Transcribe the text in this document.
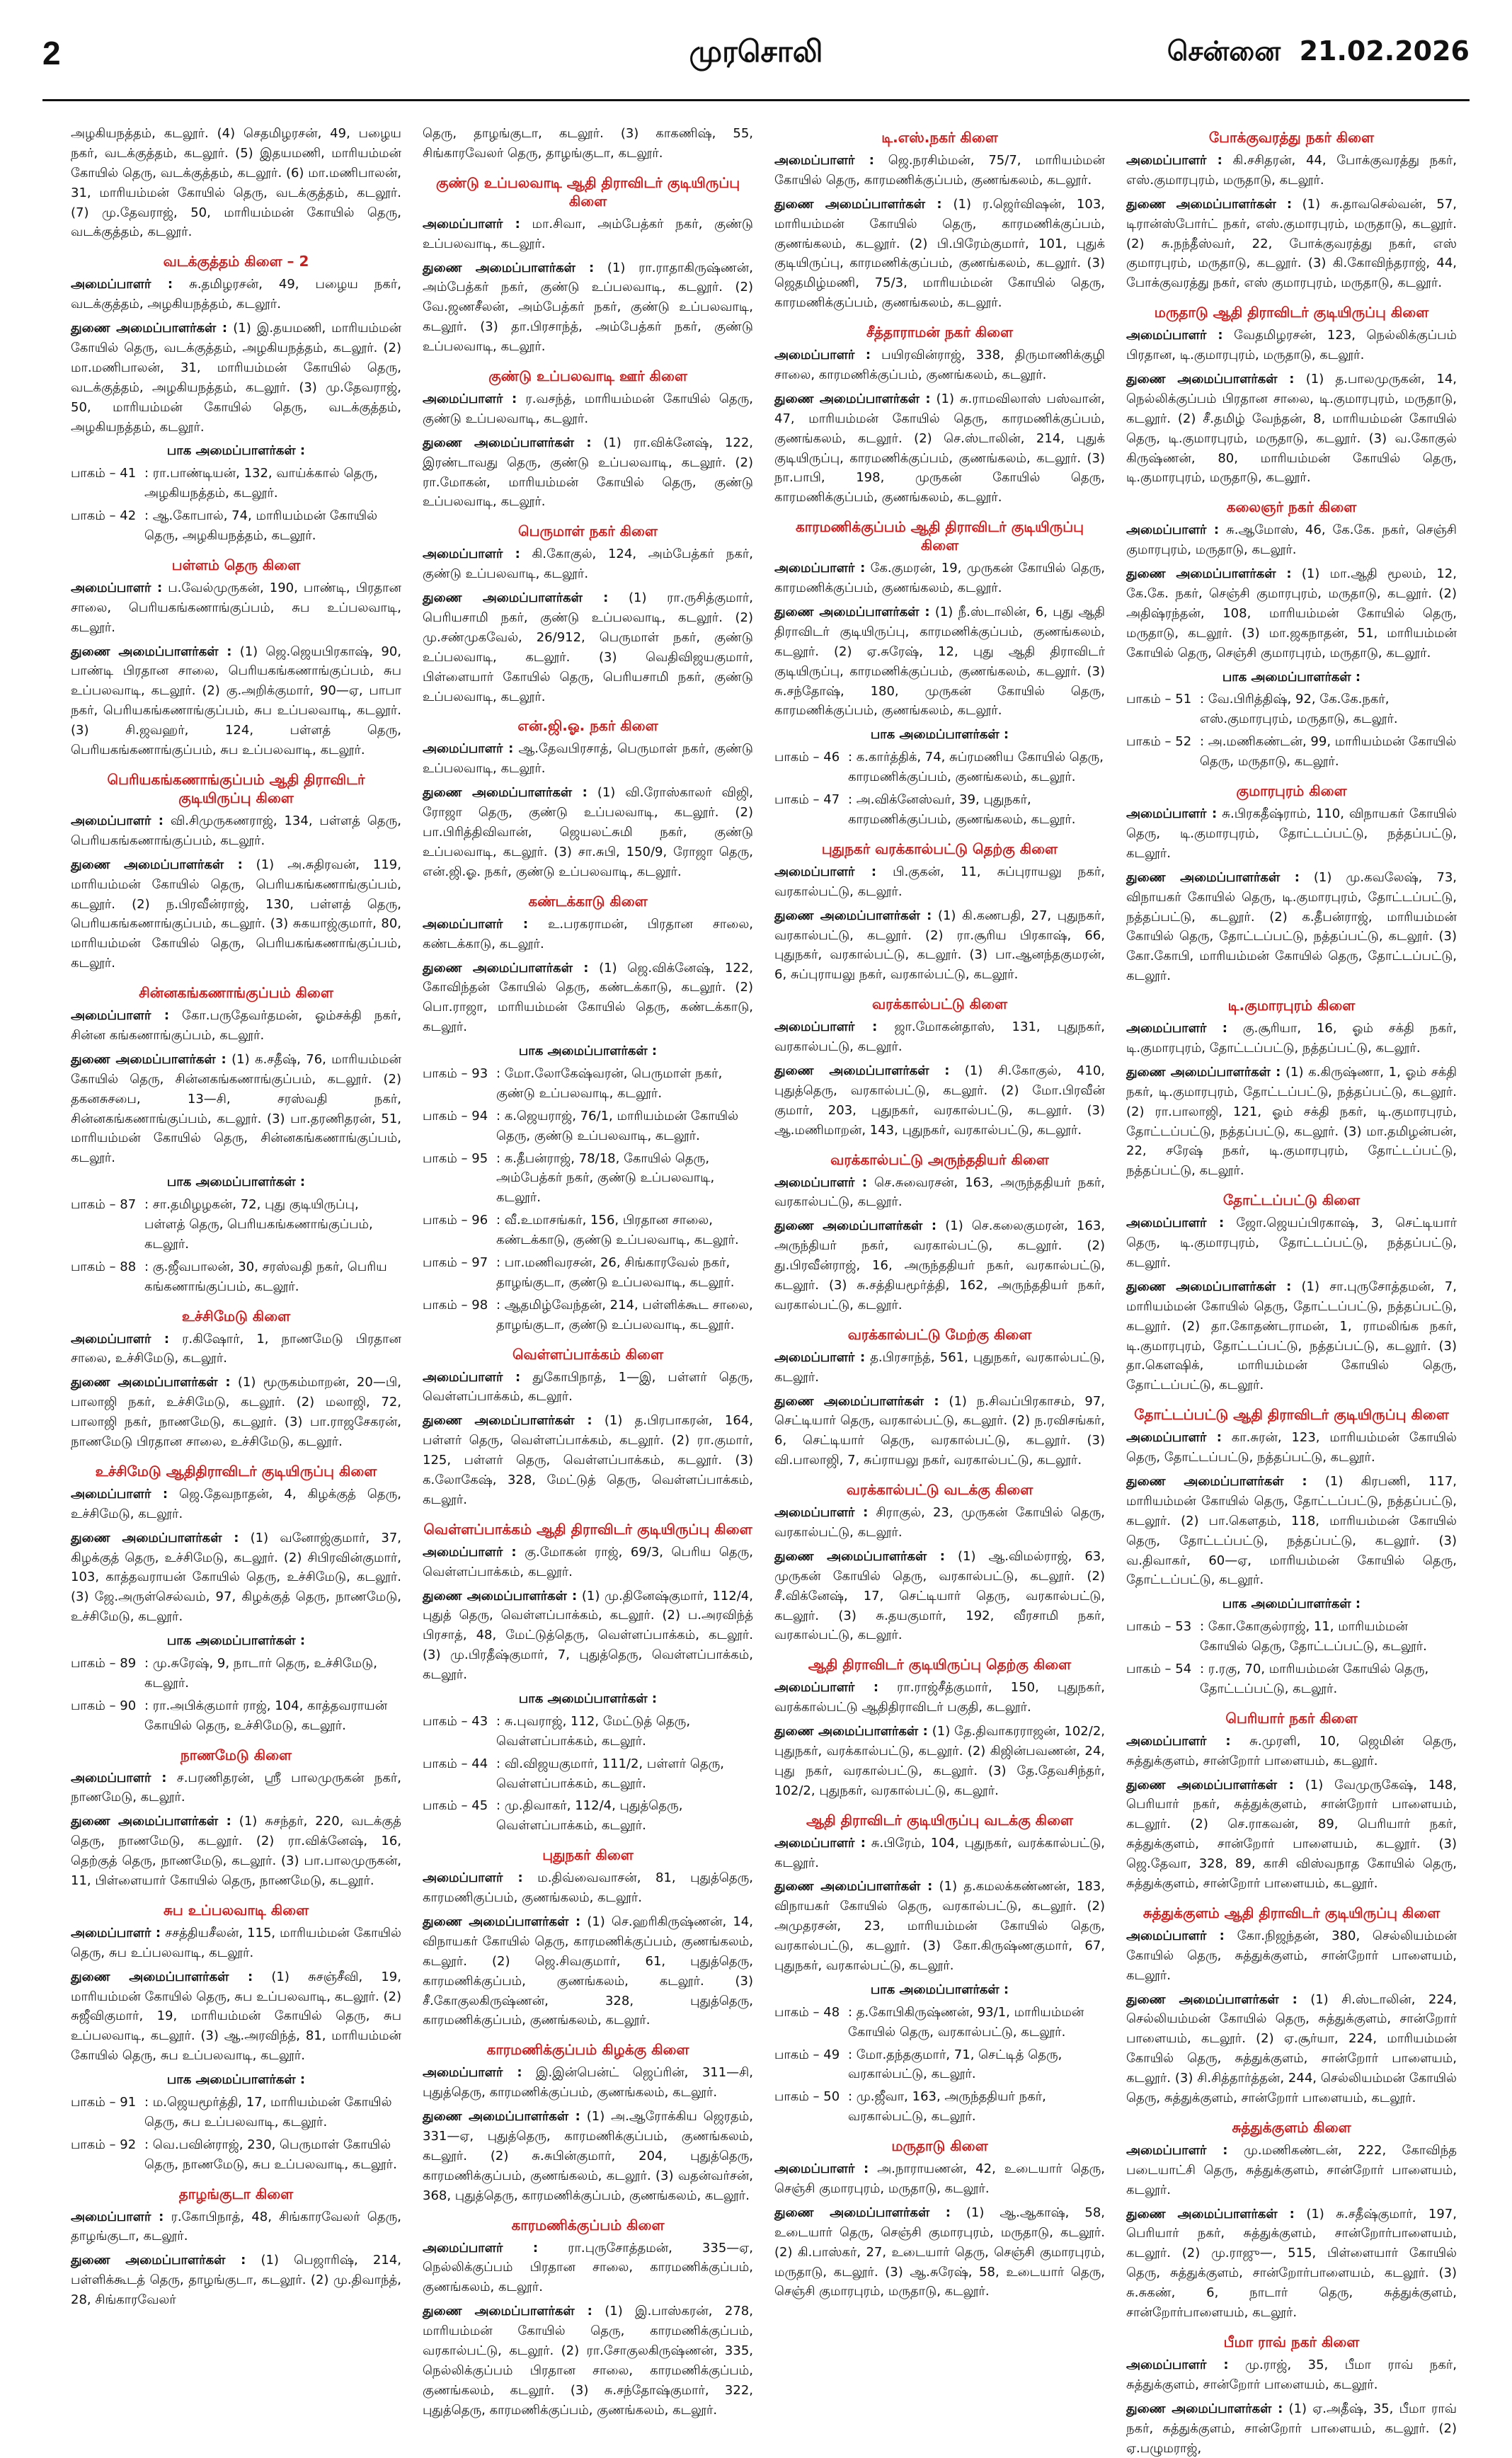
2	முரசொலி	சென்னை 21.02.2026

அழகியநத்தம், கடலூர். (4) செதமிழரசன், 49, பழைய நகர், வடக்குத்தம், கடலூர். (5) இதயமணி, மாரியம்மன் கோயில் தெரு, வடக்குத்தம், கடலூர். (6) மா.மணிபாலன், 31, மாரியம்மன் கோயில் தெரு, வடக்குத்தம், கடலூர். (7) மு.தேவராஜ், 50, மாரியம்மன் கோயில் தெரு, வடக்குத்தம், கடலூர்.

வடக்குத்தம் கிளை – 2

அமைப்பாளர் : சு.தமிழரசன், 49, பழைய நகர், வடக்குத்தம், அழகியநத்தம், கடலூர்.

துணை அமைப்பாளர்கள் : (1) இ.தயமணி, மாரியம்மன் கோயில் தெரு, வடக்குத்தம், அழகியநத்தம், கடலூர். (2) மா.மணிபாலன், 31, மாரியம்மன் கோயில் தெரு, வடக்குத்தம், அழகியநத்தம், கடலூர். (3) மு.தேவராஜ், 50, மாரியம்மன் கோயில் தெரு, வடக்குத்தம், அழகியநத்தம், கடலூர்.

பாக அமைப்பாளர்கள் :
பாகம் – 41 : ரா.பாண்டியன், 132, வாய்க்கால் தெரு, அழகியநத்தம், கடலூர்.
பாகம் – 42 : ஆ.கோபால், 74, மாரியம்மன் கோயில் தெரு, அழகியநத்தம், கடலூர்.
பள்ளம் தெரு கிளை

அமைப்பாளர் : ப.வேல்முருகன், 190, பாண்டி, பிரதான சாலை, பெரியகங்கணாங்குப்பம், சுப உப்பலவாடி, கடலூர்.

துணை அமைப்பாளர்கள் : (1) ஜெ.ஜெயபிரகாஷ், 90, பாண்டி பிரதான சாலை, பெரியகங்கணாங்குப்பம், சுப உப்பலவாடி, கடலூர். (2) கு.அறிக்குமார், 90—ஏ, பாபா நகர், பெரியகங்கணாங்குப்பம், சுப உப்பலவாடி, கடலூர். (3) சி.ஜவஹர், 124, பள்ளத் தெரு, பெரியகங்கணாங்குப்பம், சுப உப்பலவாடி, கடலூர்.

பெரியகங்கணாங்குப்பம் ஆதி திராவிடர் குடியிருப்பு கிளை

அமைப்பாளர் : வி.சிமுருகணராஜ், 134, பள்ளத் தெரு, பெரியகங்கணாங்குப்பம், கடலூர்.

துணை அமைப்பாளர்கள் : (1) அ.சுதிரவன், 119, மாரியம்மன் கோயில் தெரு, பெரியகங்கணாங்குப்பம், கடலூர். (2) ந.பிரவீன்ராஜ், 130, பள்ளத் தெரு, பெரியகங்கணாங்குப்பம், கடலூர். (3) சுகயாஜ்குமார், 80, மாரியம்மன் கோயில் தெரு, பெரியகங்கணாங்குப்பம், கடலூர்.

சின்னகங்கணாங்குப்பம் கிளை

அமைப்பாளர் : கோ.பருதேவர்தமன், ஓம்சக்தி நகர், சின்ன கங்கணாங்குப்பம், கடலூர்.

துணை அமைப்பாளர்கள் : (1) க.சதீஷ், 76, மாரியம்மன் கோயில் தெரு, சின்னகங்கணாங்குப்பம், கடலூர். (2) தகனசுசபை, 13—சி, சரஸ்வதி நகர், சின்னகங்கணாங்குப்பம், கடலூர். (3) பா.தரணிதரன், 51, மாரியம்மன் கோயில் தெரு, சின்னகங்கணாங்குப்பம், கடலூர்.

பாக அமைப்பாளர்கள் :
பாகம் – 87 : சா.தமிழழகன், 72, புது குடியிருப்பு, பள்ளத் தெரு, பெரியகங்கணாங்குப்பம், கடலூர்.
பாகம் – 88 : கு.ஜீவபாலன், 30, சரஸ்வதி நகர், பெரிய கங்கணாங்குப்பம், கடலூர்.
உச்சிமேடு கிளை

அமைப்பாளர் : ர.கிஷோர், 1, நாணமேடு பிரதான சாலை, உச்சிமேடு, கடலூர்.

துணை அமைப்பாளர்கள் : (1) மூருகம்மாறன், 20—பி, பாலாஜி நகர், உச்சிமேடு, கடலூர். (2) மலாஜி, 72, பாலாஜி நகர், நாணமேடு, கடலூர். (3) பா.ராஜசேகரன், நாணமேடு பிரதான சாலை, உச்சிமேடு, கடலூர்.

உச்சிமேடு ஆதிதிராவிடர் குடியிருப்பு கிளை

அமைப்பாளர் : ஜெ.தேவநாதன், 4, கிழக்குத் தெரு, உச்சிமேடு, கடலூர்.

துணை அமைப்பாளர்கள் : (1) வனோஜ்குமார், 37, கிழக்குத் தெரு, உச்சிமேடு, கடலூர். (2) சிபிரவின்குமார், 103, காத்தவராயன் கோயில் தெரு, உச்சிமேடு, கடலூர். (3) ஜே.அருள்செல்வம், 97, கிழக்குத் தெரு, நாணமேடு, உச்சிமேடு, கடலூர்.

பாக அமைப்பாளர்கள் :
பாகம் – 89 : மு.சுரேஷ், 9, நாடார் தெரு, உச்சிமேடு, கடலூர்.
பாகம் – 90 : ரா.அபிக்குமார் ராஜ், 104, காத்தவராயன் கோயில் தெரு, உச்சிமேடு, கடலூர்.
நாணமேடு கிளை

அமைப்பாளர் : ச.பரணிதரன், ஸ்ரீ பாலமுருகன் நகர், நாணமேடு, கடலூர்.

துணை அமைப்பாளர்கள் : (1) சுசந்தர், 220, வடக்குத் தெரு, நாணமேடு, கடலூர். (2) ரா.விக்னேஷ், 16, தெற்குத் தெரு, நாணமேடு, கடலூர். (3) பா.பாலமுருகன், 11, பிள்ளையார் கோயில் தெரு, நாணமேடு, கடலூர்.

சுப உப்பலவாடி கிளை

அமைப்பாளர் : சசத்தியசீலன், 115, மாரியம்மன் கோயில் தெரு, சுப உப்பலவாடி, கடலூர்.

துணை அமைப்பாளர்கள் : (1) சுசஞ்சீவி, 19, மாரியம்மன் கோயில் தெரு, சுப உப்பலவாடி, கடலூர். (2) சுஜீவிகுமார், 19, மாரியம்மன் கோயில் தெரு, சுப உப்பலவாடி, கடலூர். (3) ஆ.அரவிந்த், 81, மாரியம்மன் கோயில் தெரு, சுப உப்பலவாடி, கடலூர்.

பாக அமைப்பாளர்கள் :
பாகம் – 91 : ம.ஜெயமூர்த்தி, 17, மாரியம்மன் கோயில் தெரு, சுப உப்பலவாடி, கடலூர்.
பாகம் – 92 : வெ.பவின்ராஜ், 230, பெருமாள் கோயில் தெரு, நாணமேடு, சுப உப்பலவாடி, கடலூர்.
தாழங்குடா கிளை

அமைப்பாளர் : ர.கோபிநாத், 48, சிங்காரவேலர் தெரு, தாழங்குடா, கடலூர்.

துணை அமைப்பாளர்கள் : (1) பெஜாரிஷ், 214, பள்ளிக்கூடத் தெரு, தாழங்குடா, கடலூர். (2) மு.திவாந்த், 28, சிங்காரவேலர்

தெரு, தாழங்குடா, கடலூர். (3) காகணிஷ், 55, சிங்காரவேலர் தெரு, தாழங்குடா, கடலூர்.

குண்டு உப்பலவாடி ஆதி திராவிடர் குடியிருப்பு கிளை

அமைப்பாளர் : மா.சிவா, அம்பேத்கர் நகர், குண்டு உப்பலவாடி, கடலூர்.

துணை அமைப்பாளர்கள் : (1) ரா.ராதாகிருஷ்ணன், அம்பேத்கர் நகர், குண்டு உப்பலவாடி, கடலூர். (2) வே.ஜணசீலன், அம்பேத்கர் நகர், குண்டு உப்பலவாடி, கடலூர். (3) தா.பிரசாந்த், அம்பேத்கர் நகர், குண்டு உப்பலவாடி, கடலூர்.

குண்டு உப்பலவாடி ஊர் கிளை

அமைப்பாளர் : ர.வசந்த், மாரியம்மன் கோயில் தெரு, குண்டு உப்பலவாடி, கடலூர்.

துணை அமைப்பாளர்கள் : (1) ரா.விக்னேஷ், 122, இரண்டாவது தெரு, குண்டு உப்பலவாடி, கடலூர். (2) ரா.மோகன், மாரியம்மன் கோயில் தெரு, குண்டு உப்பலவாடி, கடலூர்.

பெருமாள் நகர் கிளை

அமைப்பாளர் : கி.கோகுல், 124, அம்பேத்கர் நகர், குண்டு உப்பலவாடி, கடலூர்.

துணை அமைப்பாளர்கள் : (1) ரா.ருசித்குமார், பெரியசாமி நகர், குண்டு உப்பலவாடி, கடலூர். (2) மு.சண்முகவேல், 26/912, பெருமாள் நகர், குண்டு உப்பலவாடி, கடலூர். (3) வெதிவிஜயகுமார், பிள்ளையார் கோயில் தெரு, பெரியசாமி நகர், குண்டு உப்பலவாடி, கடலூர்.

என்.ஜி.ஓ. நகர் கிளை

அமைப்பாளர் : ஆ.தேவபிரசாத், பெருமாள் நகர், குண்டு உப்பலவாடி, கடலூர்.

துணை அமைப்பாளர்கள் : (1) வி.ரோஸ்காலர் விஜி, ரோஜா தெரு, குண்டு உப்பலவாடி, கடலூர். (2) பா.பிரித்திவிவான், ஜெயலட்சுமி நகர், குண்டு உப்பலவாடி, கடலூர். (3) சா.சுபி, 150/9, ரோஜா தெரு, என்.ஜி.ஓ. நகர், குண்டு உப்பலவாடி, கடலூர்.

கண்டக்காடு கிளை

அமைப்பாளர் : உ.பரகராமன், பிரதான சாலை, கண்டக்காடு, கடலூர்.

துணை அமைப்பாளர்கள் : (1) ஜெ.விக்னேஷ், 122, கோவிந்தன் கோயில் தெரு, கண்டக்காடு, கடலூர். (2) பொ.ராஜா, மாரியம்மன் கோயில் தெரு, கண்டக்காடு, கடலூர்.

பாக அமைப்பாளர்கள் :
பாகம் – 93 : மோ.லோகேஷ்வரன், பெருமாள் நகர், குண்டு உப்பலவாடி, கடலூர்.
பாகம் – 94 : க.ஜெயராஜ், 76/1, மாரியம்மன் கோயில் தெரு, குண்டு உப்பலவாடி, கடலூர்.
பாகம் – 95 : க.தீபன்ராஜ், 78/18, கோயில் தெரு, அம்பேத்கர் நகர், குண்டு உப்பலவாடி, கடலூர்.
பாகம் – 96 : வீ.உமாசங்கர், 156, பிரதான சாலை, கண்டக்காடு, குண்டு உப்பலவாடி, கடலூர்.
பாகம் – 97 : பா.மணிவரசன், 26, சிங்காரவேல் நகர், தாழங்குடா, குண்டு உப்பலவாடி, கடலூர்.
பாகம் – 98 : ஆதமிழ்வேந்தன், 214, பள்ளிக்கூட சாலை, தாழங்குடா, குண்டு உப்பலவாடி, கடலூர்.
வெள்ளப்பாக்கம் கிளை

அமைப்பாளர் : துகோபிநாத், 1—இ, பள்ளர் தெரு, வெள்ளப்பாக்கம், கடலூர்.

துணை அமைப்பாளர்கள் : (1) த.பிரபாகரன், 164, பள்ளர் தெரு, வெள்ளப்பாக்கம், கடலூர். (2) ரா.குமார், 125, பள்ளர் தெரு, வெள்ளப்பாக்கம், கடலூர். (3) க.லோகேஷ், 328, மேட்டுத் தெரு, வெள்ளப்பாக்கம், கடலூர்.

வெள்ளப்பாக்கம் ஆதி திராவிடர் குடியிருப்பு கிளை

அமைப்பாளர் : கு.மோகன் ராஜ், 69/3, பெரிய தெரு, வெள்ளப்பாக்கம், கடலூர்.

துணை அமைப்பாளர்கள் : (1) மு.தினேஷ்குமார், 112/4, புதுத் தெரு, வெள்ளப்பாக்கம், கடலூர். (2) ப.அரவிந்த் பிரசாத், 48, மேட்டுத்தெரு, வெள்ளப்பாக்கம், கடலூர். (3) மு.பிரதீஷ்குமார், 7, புதுத்தெரு, வெள்ளப்பாக்கம், கடலூர்.

பாக அமைப்பாளர்கள் :
பாகம் – 43 : சு.புவராஜ், 112, மேட்டுத் தெரு, வெள்ளப்பாக்கம், கடலூர்.
பாகம் – 44 : வி.விஜயகுமார், 111/2, பள்ளர் தெரு, வெள்ளப்பாக்கம், கடலூர்.
பாகம் – 45 : மு.திவாகர், 112/4, புதுத்தெரு, வெள்ளப்பாக்கம், கடலூர்.
புதுநகர் கிளை

அமைப்பாளர் : ம.திவ்வைவாசன், 81, புதுத்தெரு, காரமணிகுப்பம், குணங்கலம், கடலூர்.

துணை அமைப்பாளர்கள் : (1) செ.ஹரிகிருஷ்ணன், 14, விநாயகர் கோயில் தெரு, காரமணிக்குப்பம், குணங்கலம், கடலூர். (2) ஜெ.சிவகுமார், 61, புதுத்தெரு, காரமணிக்குப்பம், குணங்கலம், கடலூர். (3) சீ.கோகுலகிருஷ்ணன், 328, புதுத்தெரு, காரமணிக்குப்பம், குணங்கலம், கடலூர்.

காரமணிக்குப்பம் கிழக்கு கிளை

அமைப்பாளர் : இ.இன்பென்ட் ஜெப்ரின், 311—சி, புதுத்தெரு, காரமணிக்குப்பம், குணங்கலம், கடலூர்.

துணை அமைப்பாளர்கள் : (1) அ.ஆரோக்கிய ஜெரதம், 331—ஏ, புதுத்தெரு, காரமணிக்குப்பம், குணங்கலம், கடலூர். (2) சு.சுபின்குமார், 204, புதுத்தெரு, காரமணிக்குப்பம், குணங்கலம், கடலூர். (3) வதன்வர்சன், 368, புதுத்தெரு, காரமணிக்குப்பம், குணங்கலம், கடலூர்.

காரமணிக்குப்பம் கிளை

அமைப்பாளர் : ரா.புருசோத்தமன், 335—ஏ, நெல்லிக்குப்பம் பிரதான சாலை, காரமணிக்குப்பம், குணங்கலம், கடலூர்.

துணை அமைப்பாளர்கள் : (1) இ.பாஸ்கரன், 278, மாரியம்மன் கோயில் தெரு, காரமணிக்குப்பம், வரகால்பட்டு, கடலூர். (2) ரா.சோகுலகிருஷ்ணன், 335, நெல்லிக்குப்பம் பிரதான சாலை, காரமணிக்குப்பம், குணங்கலம், கடலூர். (3) சு.சந்தோஷ்குமார், 322, புதுத்தெரு, காரமணிக்குப்பம், குணங்கலம், கடலூர்.

டி.எஸ்.நகர் கிளை

அமைப்பாளர் : ஜெ.நரசிம்மன், 75/7, மாரியம்மன் கோயில் தெரு, காரமணிக்குப்பம், குணங்கலம், கடலூர்.

துணை அமைப்பாளர்கள் : (1) ர.ஜெர்விஷன், 103, மாரியம்மன் கோயில் தெரு, காரமணிக்குப்பம், குணங்கலம், கடலூர். (2) பி.பிரேம்குமார், 101, புதுக் குடியிருப்பு, காரமணிக்குப்பம், குணங்கலம், கடலூர். (3) ஜெதமிழ்மணி, 75/3, மாரியம்மன் கோயில் தெரு, காரமணிக்குப்பம், குணங்கலம், கடலூர்.

சீத்தாராமன் நகர் கிளை

அமைப்பாளர் : பயிரவின்ராஜ், 338, திருமாணிக்குழி சாலை, காரமணிக்குப்பம், குணங்கலம், கடலூர்.

துணை அமைப்பாளர்கள் : (1) சு.ராமவிலாஸ் பஸ்வான், 47, மாரியம்மன் கோயில் தெரு, காரமணிக்குப்பம், குணங்கலம், கடலூர். (2) செ.ஸ்டாலின், 214, புதுக் குடியிருப்பு, காரமணிக்குப்பம், குணங்கலம், கடலூர். (3) நா.பாபி, 198, முருகன் கோயில் தெரு, காரமணிக்குப்பம், குணங்கலம், கடலூர்.

காரமணிக்குப்பம் ஆதி திராவிடர் குடியிருப்பு கிளை

அமைப்பாளர் : கே.குமரன், 19, முருகன் கோயில் தெரு, காரமணிக்குப்பம், குணங்கலம், கடலூர்.

துணை அமைப்பாளர்கள் : (1) நீ.ஸ்டாலின், 6, புது ஆதி திராவிடர் குடியிருப்பு, காரமணிக்குப்பம், குணங்கலம், கடலூர். (2) ஏ.சுரேஷ், 12, புது ஆதி திராவிடர் குடியிருப்பு, காரமணிக்குப்பம், குணங்கலம், கடலூர். (3) சு.சந்தோஷ், 180, முருகன் கோயில் தெரு, காரமணிக்குப்பம், குணங்கலம், கடலூர்.

பாக அமைப்பாளர்கள் :
பாகம் – 46 : க.கார்த்திக், 74, சுப்ரமணிய கோயில் தெரு, காரமணிக்குப்பம், குணங்கலம், கடலூர்.
பாகம் – 47 : அ.விக்னேஸ்வர், 39, புதுநகர், காரமணிக்குப்பம், குணங்கலம், கடலூர்.
புதுநகர் வரக்கால்பட்டு தெற்கு கிளை

அமைப்பாளர் : பி.குகன், 11, சுப்புராயலு நகர், வரகால்பட்டு, கடலூர்.

துணை அமைப்பாளர்கள் : (1) கி.கணபதி, 27, புதுநகர், வரகால்பட்டு, கடலூர். (2) ரா.சூரிய பிரகாஷ், 66, புதுநகர், வரகால்பட்டு, கடலூர். (3) பா.ஆனந்தகுமரன், 6, சுப்புராயலு நகர், வரகால்பட்டு, கடலூர்.

வரக்கால்பட்டு கிளை

அமைப்பாளர் : ஜா.மோகன்தாஸ், 131, புதுநகர், வரகால்பட்டு, கடலூர்.

துணை அமைப்பாளர்கள் : (1) சி.கோகுல், 410, புதுத்தெரு, வரகால்பட்டு, கடலூர். (2) மோ.பிரவீன் குமார், 203, புதுநகர், வரகால்பட்டு, கடலூர். (3) ஆ.மணிமாறன், 143, புதுநகர், வரகால்பட்டு, கடலூர்.

வரக்கால்பட்டு அருந்ததியர் கிளை

அமைப்பாளர் : செ.சுவைரசன், 163, அருந்ததியர் நகர், வரகால்பட்டு, கடலூர்.

துணை அமைப்பாளர்கள் : (1) செ.கலைகுமரன், 163, அருந்தியர் நகர், வரகால்பட்டு, கடலூர். (2) து.பிரவீன்ராஜ், 16, அருந்ததியர் நகர், வரகால்பட்டு, கடலூர். (3) சு.சத்தியமூர்த்தி, 162, அருந்ததியர் நகர், வரகால்பட்டு, கடலூர்.

வரக்கால்பட்டு மேற்கு கிளை

அமைப்பாளர் : த.பிரசாந்த், 561, புதுநகர், வரகால்பட்டு, கடலூர்.

துணை அமைப்பாளர்கள் : (1) ந.சிவப்பிரகாசம், 97, செட்டியார் தெரு, வரகால்பட்டு, கடலூர். (2) ந.ரவிசங்கர், 6, செட்டியார் தெரு, வரகால்பட்டு, கடலூர். (3) வி.பாலாஜி, 7, சுப்ராயலு நகர், வரகால்பட்டு, கடலூர்.

வரக்கால்பட்டு வடக்கு கிளை

அமைப்பாளர் : சிராகுல், 23, முருகன் கோயில் தெரு, வரகால்பட்டு, கடலூர்.

துணை அமைப்பாளர்கள் : (1) ஆ.விமல்ராஜ், 63, முருகன் கோயில் தெரு, வரகால்பட்டு, கடலூர். (2) சீ.விக்னேஷ், 17, செட்டியார் தெரு, வரகால்பட்டு, கடலூர். (3) சு.தயகுமார், 192, வீரசாமி நகர், வரகால்பட்டு, கடலூர்.

ஆதி திராவிடர் குடியிருப்பு தெற்கு கிளை

அமைப்பாளர் : ரா.ராஜ்சீத்குமார், 150, புதுநகர், வரக்கால்பட்டு ஆதிதிராவிடர் பகுதி, கடலூர்.

துணை அமைப்பாளர்கள் : (1) தே.திவாகரராஜன், 102/2, புதுநகர், வரக்கால்பட்டு, கடலூர். (2) கிஜின்பவணன், 24, புது நகர், வரகால்பட்டு, கடலூர். (3) தே.தேவசிந்தர், 102/2, புதுநகர், வரகால்பட்டு, கடலூர்.

ஆதி திராவிடர் குடியிருப்பு வடக்கு கிளை

அமைப்பாளர் : சு.பிரேம், 104, புதுநகர், வரக்கால்பட்டு, கடலூர்.

துணை அமைப்பாளர்கள் : (1) த.கமலக்கண்ணன், 183, விநாயகர் கோயில் தெரு, வரகால்பட்டு, கடலூர். (2) அமுதரசன், 23, மாரியம்மன் கோயில் தெரு, வரகால்பட்டு, கடலூர். (3) கோ.கிருஷ்ணகுமார், 67, புதுநகர், வரகால்பட்டு, கடலூர்.

பாக அமைப்பாளர்கள் :
பாகம் – 48 : த.கோபிகிருஷ்ணன், 93/1, மாரியம்மன் கோயில் தெரு, வரகால்பட்டு, கடலூர்.
பாகம் – 49 : மோ.தந்தகுமார், 71, செட்டித் தெரு, வரகால்பட்டு, கடலூர்.
பாகம் – 50 : மு.ஜீவா, 163, அருந்ததியர் நகர், வரகால்பட்டு, கடலூர்.
மருதாடு கிளை

அமைப்பாளர் : அ.நாராயணன், 42, உடையார் தெரு, செஞ்சி குமாரபுரம், மருதாடு, கடலூர்.

துணை அமைப்பாளர்கள் : (1) ஆ.ஆகாஷ், 58, உடையார் தெரு, செஞ்சி குமாரபுரம், மருதாடு, கடலூர். (2) கி.பாஸ்கர், 27, உடையார் தெரு, செஞ்சி குமாரபுரம், மருதாடு, கடலூர். (3) ஆ.சுரேஷ், 58, உடையார் தெரு, செஞ்சி குமாரபுரம், மருதாடு, கடலூர்.

போக்குவரத்து நகர் கிளை

அமைப்பாளர் : கி.சசிதரன், 44, போக்குவரத்து நகர், எஸ்.குமாரபுரம், மருதாடு, கடலூர்.

துணை அமைப்பாளர்கள் : (1) சு.தாவசெல்வன், 57, டிரான்ஸ்போர்ட் நகர், எஸ்.குமாரபுரம், மருதாடு, கடலூர். (2) சு.நந்தீஸ்வர், 22, போக்குவரத்து நகர், எஸ் குமாரபுரம், மருதாடு, கடலூர். (3) கி.கோவிந்தராஜ், 44, போக்குவரத்து நகர், எஸ் குமாரபுரம், மருதாடு, கடலூர்.

மருதாடு ஆதி திராவிடர் குடியிருப்பு கிளை

அமைப்பாளர் : வேதமிழரசன், 123, நெல்லிக்குப்பம் பிரதான, டி.குமாரபுரம், மருதாடு, கடலூர்.

துணை அமைப்பாளர்கள் : (1) த.பாலமுருகன், 14, நெல்லிக்குப்பம் பிரதான சாலை, டி.குமாரபுரம், மருதாடு, கடலூர். (2) சீ.தமிழ் வேந்தன், 8, மாரியம்மன் கோயில் தெரு, டி.குமாரபுரம், மருதாடு, கடலூர். (3) வ.கோகுல் கிருஷ்ணன், 80, மாரியம்மன் கோயில் தெரு, டி.குமாரபுரம், மருதாடு, கடலூர்.

கலைஞர் நகர் கிளை

அமைப்பாளர் : சு.ஆமோஸ், 46, கே.கே. நகர், செஞ்சி குமாரபுரம், மருதாடு, கடலூர்.

துணை அமைப்பாளர்கள் : (1) மா.ஆதி மூலம், 12, கே.கே. நகர், செஞ்சி குமாரபுரம், மருதாடு, கடலூர். (2) அதிஷ்ரந்தன், 108, மாரியம்மன் கோயில் தெரு, மருதாடு, கடலூர். (3) மா.ஜகநாதன், 51, மாரியம்மன் கோயில் தெரு, செஞ்சி குமாரபுரம், மருதாடு, கடலூர்.

பாக அமைப்பாளர்கள் :
பாகம் – 51 : வே.பிரித்திஷ், 92, கே.கே.நகர், எஸ்.குமாரபுரம், மருதாடு, கடலூர்.
பாகம் – 52 : அ.மணிகண்டன், 99, மாரியம்மன் கோயில் தெரு, மருதாடு, கடலூர்.
குமாரபுரம் கிளை

அமைப்பாளர் : சு.பிரகதீஷ்ராம், 110, விநாயகர் கோயில் தெரு, டி.குமாரபுரம், தோட்டப்பட்டு, நத்தப்பட்டு, கடலூர்.

துணை அமைப்பாளர்கள் : (1) மு.கவலேஷ், 73, விநாயகர் கோயில் தெரு, டி.குமாரபுரம், தோட்டப்பட்டு, நத்தப்பட்டு, கடலூர். (2) க.தீபன்ராஜ், மாரியம்மன் கோயில் தெரு, தோட்டப்பட்டு, நத்தப்பட்டு, கடலூர். (3) கோ.கோபி, மாரியம்மன் கோயில் தெரு, தோட்டப்பட்டு, கடலூர்.

டி.குமாரபுரம் கிளை

அமைப்பாளர் : கு.சூரியா, 16, ஓம் சக்தி நகர், டி.குமாரபுரம், தோட்டப்பட்டு, நத்தப்பட்டு, கடலூர்.

துணை அமைப்பாளர்கள் : (1) க.கிருஷ்ணா, 1, ஓம் சக்தி நகர், டி.குமாரபுரம், தோட்டப்பட்டு, நத்தப்பட்டு, கடலூர். (2) ரா.பாலாஜி, 121, ஓம் சக்தி நகர், டி.குமாரபுரம், தோட்டப்பட்டு, நத்தப்பட்டு, கடலூர். (3) மா.தமிழன்பன், 22, சரேஷ் நகர், டி.குமாரபுரம், தோட்டப்பட்டு, நத்தப்பட்டு, கடலூர்.

தோட்டப்பட்டு கிளை

அமைப்பாளர் : ஜோ.ஜெயப்பிரகாஷ், 3, செட்டியார் தெரு, டி.குமாரபுரம், தோட்டப்பட்டு, நத்தப்பட்டு, கடலூர்.

துணை அமைப்பாளர்கள் : (1) சா.புருசோத்தமன், 7, மாரியம்மன் கோயில் தெரு, தோட்டப்பட்டு, நத்தப்பட்டு, கடலூர். (2) தா.கோதண்டராமன், 1, ராமலிங்க நகர், டி.குமாரபுரம், தோட்டப்பட்டு, நத்தப்பட்டு, கடலூர். (3) தா.கௌஷிக், மாரியம்மன் கோயில் தெரு, தோட்டப்பட்டு, கடலூர்.

தோட்டப்பட்டு ஆதி திராவிடர் குடியிருப்பு கிளை

அமைப்பாளர் : கா.சுரன், 123, மாரியம்மன் கோயில் தெரு, தோட்டப்பட்டு, நத்தப்பட்டு, கடலூர்.

துணை அமைப்பாளர்கள் : (1) கிரபணி, 117, மாரியம்மன் கோயில் தெரு, தோட்டப்பட்டு, நத்தப்பட்டு, கடலூர். (2) பா.கௌதம், 118, மாரியம்மன் கோயில் தெரு, தோட்டப்பட்டு, நத்தப்பட்டு, கடலூர். (3) வ.திவாகர், 60—ஏ, மாரியம்மன் கோயில் தெரு, தோட்டப்பட்டு, கடலூர்.

பாக அமைப்பாளர்கள் :
பாகம் – 53 : கோ.கோகுல்ராஜ், 11, மாரியம்மன் கோயில் தெரு, தோட்டப்பட்டு, கடலூர்.
பாகம் – 54 : ர.ரகு, 70, மாரியம்மன் கோயில் தெரு, தோட்டப்பட்டு, கடலூர்.
பெரியார் நகர் கிளை

அமைப்பாளர் : சு.முரளி, 10, ஜெமின் தெரு, சுத்துக்குளம், சான்றோர் பாளையம், கடலூர்.

துணை அமைப்பாளர்கள் : (1) வேமுருகேஷ், 148, பெரியார் நகர், சுத்துக்குளம், சான்றோர் பாளையம், கடலூர். (2) செ.ராகவன், 89, பெரியார் நகர், சுத்துக்குளம், சான்றோர் பாளையம், கடலூர். (3) ஜெ.தேவா, 328, 89, காசி விஸ்வநாத கோயில் தெரு, சுத்துக்குளம், சான்றோர் பாளையம், கடலூர்.

சுத்துக்குளம் ஆதி திராவிடர் குடியிருப்பு கிளை

அமைப்பாளர் : கோ.நிஜந்தன், 380, செல்லியம்மன் கோயில் தெரு, சுத்துக்குளம், சான்றோர் பாளையம், கடலூர்.

துணை அமைப்பாளர்கள் : (1) சி.ஸ்டாலின், 224, செல்லியம்மன் கோயில் தெரு, சுத்துக்குளம், சான்றோர் பாளையம், கடலூர். (2) ஏ.சூர்யா, 224, மாரியம்மன் கோயில் தெரு, சுத்துக்குளம், சான்றோர் பாளையம், கடலூர். (3) சி.சித்தார்த்தன், 244, செல்லியம்மன் கோயில் தெரு, சுத்துக்குளம், சான்றோர் பாளையம், கடலூர்.

சுத்துக்குளம் கிளை

அமைப்பாளர் : மு.மணிகண்டன், 222, கோவிந்த படையாட்சி தெரு, சுத்துக்குளம், சான்றோர் பாளையம், கடலூர்.

துணை அமைப்பாளர்கள் : (1) சு.சதீஷ்குமார், 197, பெரியார் நகர், சுத்துக்குளம், சான்றோர்பாளையம், கடலூர். (2) மு.ராஜு—, 515, பிள்ளையார் கோயில் தெரு, சுத்துக்குளம், சான்றோர்பாளையம், கடலூர். (3) சு.சுகண், 6, நாடார் தெரு, சுத்துக்குளம், சான்றோர்பாளையம், கடலூர்.

பீமா ராவ் நகர் கிளை

அமைப்பாளர் : மு.ராஜ், 35, பீமா ராவ் நகர், சுத்துக்குளம், சான்றோர் பாளையம், கடலூர்.

துணை அமைப்பாளர்கள் : (1) ஏ.அதீஷ், 35, பீமா ராவ் நகர், சுத்துக்குளம், சான்றோர் பாளையம், கடலூர். (2) ஏ.பழுமராஜ்,
